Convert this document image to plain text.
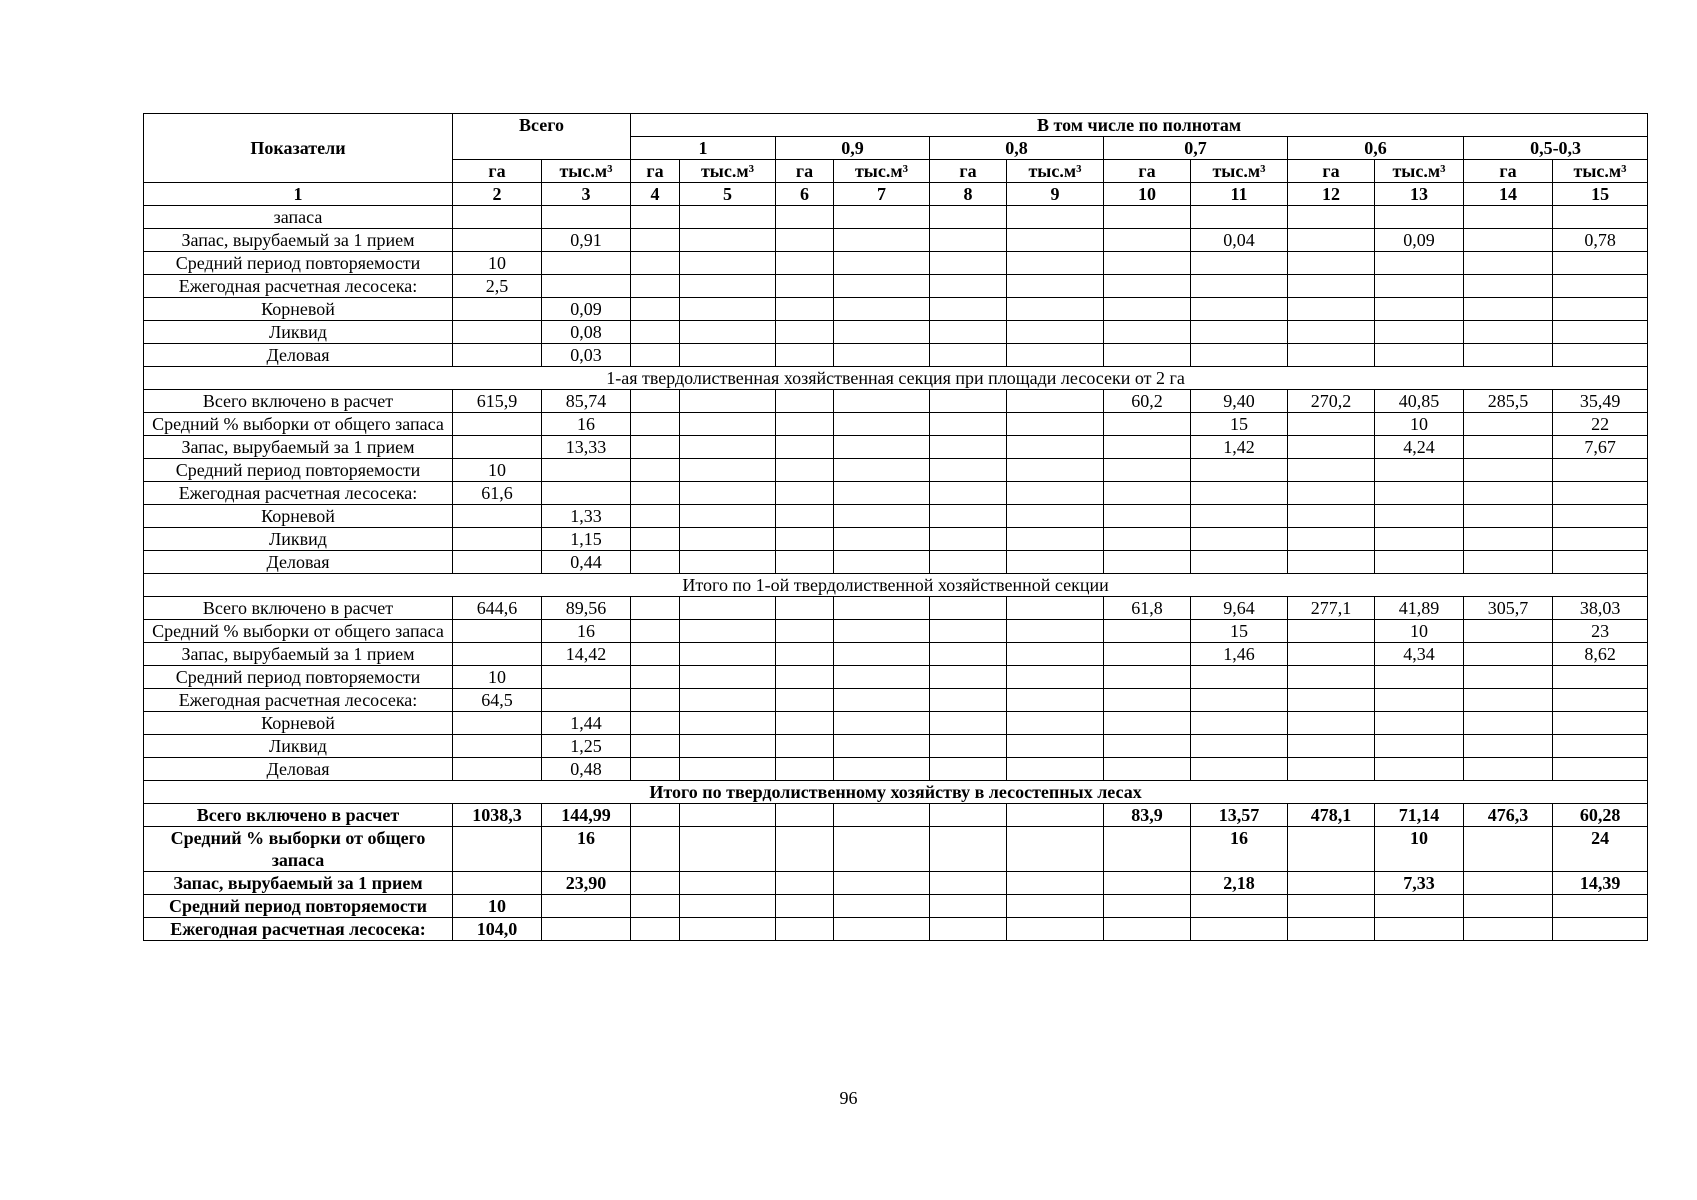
Показатели	Всего		В том числе по полнотам											
			1		0,9		0,8		0,7		0,6		0,5-0,3	
	га	тыс.м³	га	тыс.м³	га	тыс.м³	га	тыс.м³	га	тыс.м³	га	тыс.м³	га	тыс.м³
1	2	3	4	5	6	7	8	9	10	11	12	13	14	15
запаса														
Запас, вырубаемый за 1 прием		0,91								0,04		0,09		0,78
Средний период повторяемости	10													
Ежегодная расчетная лесосека:	2,5													
Корневой		0,09												
Ликвид		0,08												
Деловая		0,03												
1-ая твердолиственная хозяйственная секция при площади лесосеки от 2 га														
Всего включено в расчет	615,9	85,74							60,2	9,40	270,2	40,85	285,5	35,49
Средний % выборки от общего запаса		16								15		10		22
Запас, вырубаемый за 1 прием		13,33								1,42		4,24		7,67
Средний период повторяемости	10													
Ежегодная расчетная лесосека:	61,6													
Корневой		1,33												
Ликвид		1,15												
Деловая		0,44												
Итого по 1-ой твердолиственной хозяйственной секции														
Всего включено в расчет	644,6	89,56							61,8	9,64	277,1	41,89	305,7	38,03
Средний % выборки от общего запаса		16								15		10		23
Запас, вырубаемый за 1 прием		14,42								1,46		4,34		8,62
Средний период повторяемости	10													
Ежегодная расчетная лесосека:	64,5													
Корневой		1,44												
Ликвид		1,25												
Деловая		0,48												
Итого по твердолиственному хозяйству в лесостепных лесах														
Всего включено в расчет	1038,3	144,99							83,9	13,57	478,1	71,14	476,3	60,28
Средний % выборки от общего запаса		16								16		10		24
Запас, вырубаемый за 1 прием		23,90								2,18		7,33		14,39
Средний период повторяемости	10													
Ежегодная расчетная лесосека:	104,0													
96
